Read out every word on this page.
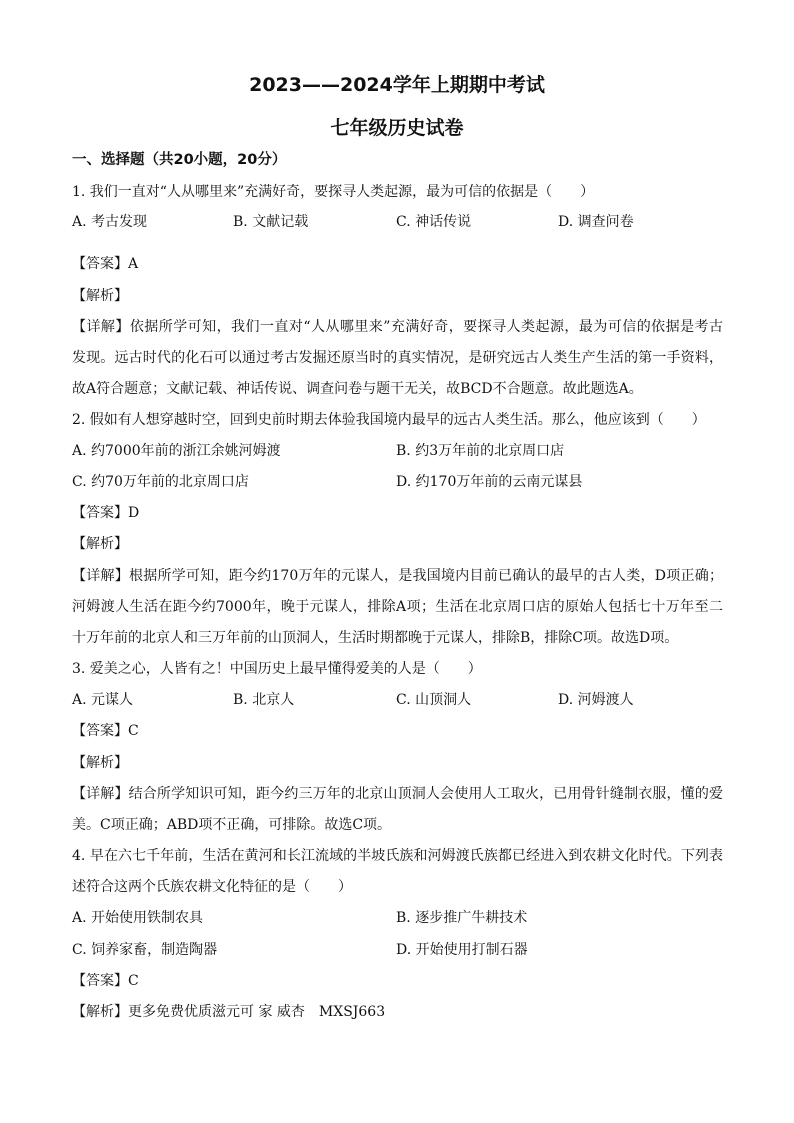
2023——2024学年上期期中考试
七年级历史试卷
一、选择题（共20小题，20分）
1. 我们一直对“人从哪里来”充满好奇，要探寻人类起源，最为可信的依据是（　　）
A. 考古发现	B. 文献记载	C. 神话传说	D. 调查问卷
【答案】A
【解析】
【详解】依据所学可知，我们一直对“人从哪里来”充满好奇，要探寻人类起源，最为可信的依据是考古
发现。远古时代的化石可以通过考古发掘还原当时的真实情况，是研究远古人类生产生活的第一手资料，
故A符合题意；文献记载、神话传说、调查问卷与题干无关，故BCD不合题意。故此题选A。
2. 假如有人想穿越时空，回到史前时期去体验我国境内最早的远古人类生活。那么，他应该到（　　）
A. 约7000年前的浙江余姚河姆渡	B. 约3万年前的北京周口店
C. 约70万年前的北京周口店	D. 约170万年前的云南元谋县
【答案】D
【解析】
【详解】根据所学可知，距今约170万年的元谋人，是我国境内目前已确认的最早的古人类，D项正确；
河姆渡人生活在距今约7000年，晚于元谋人，排除A项；生活在北京周口店的原始人包括七十万年至二
十万年前的北京人和三万年前的山顶洞人，生活时期都晚于元谋人，排除B，排除C项。故选D项。
3. 爱美之心，人皆有之！中国历史上最早懂得爱美的人是（　　）
A. 元谋人	B. 北京人	C. 山顶洞人	D. 河姆渡人
【答案】C
【解析】
【详解】结合所学知识可知，距今约三万年的北京山顶洞人会使用人工取火，已用骨针缝制衣服，懂的爱
美。C项正确；ABD项不正确，可排除。故选C项。
4. 早在六七千年前，生活在黄河和长江流域的半坡氏族和河姆渡氏族都已经进入到农耕文化时代。下列表
述符合这两个氏族农耕文化特征的是（　　）
A. 开始使用铁制农具	B. 逐步推广牛耕技术
C. 饲养家畜，制造陶器	D. 开始使用打制石器
【答案】C
【解析】更多免费优质滋元可 家 威杏　MXSJ663
